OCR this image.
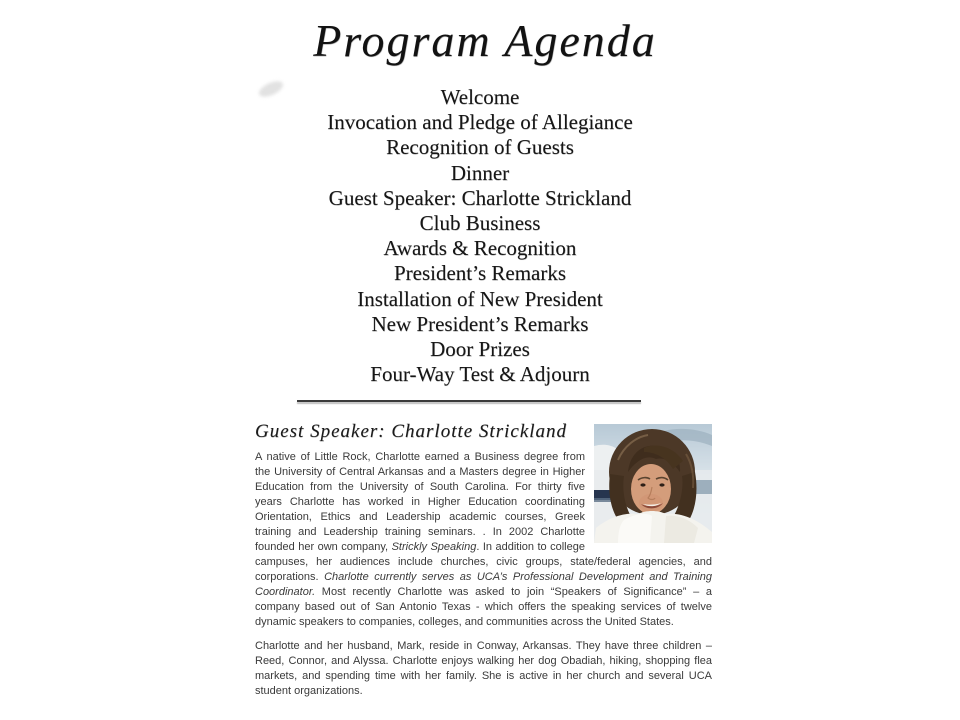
Program Agenda
Welcome
Invocation and Pledge of Allegiance
Recognition of Guests
Dinner
Guest Speaker: Charlotte Strickland
Club Business
Awards & Recognition
President’s Remarks
Installation of New President
New President’s Remarks
Door Prizes
Four-Way Test & Adjourn
Guest Speaker: Charlotte Strickland

A native of Little Rock, Charlotte earned a Business degree from the University of Central Arkansas and a Masters degree in Higher Education from the University of South Carolina. For thirty five years Charlotte has worked in Higher Education coordinating Orientation, Ethics and Leadership academic courses, Greek training and Leadership training seminars. . In 2002 Charlotte founded her own company, Strickly Speaking. In addition to college campuses, her audiences include churches, civic groups, state/federal agencies, and corporations. Charlotte currently serves as UCA’s Professional Development and Training Coordinator. Most recently Charlotte was asked to join “Speakers of Significance” – a company based out of San Antonio Texas - which offers the speaking services of twelve dynamic speakers to companies, colleges, and communities across the United States.

Charlotte and her husband, Mark, reside in Conway, Arkansas. They have three children – Reed, Connor, and Alyssa. Charlotte enjoys walking her dog Obadiah, hiking, shopping flea markets, and spending time with her family. She is active in her church and several UCA student organizations.
